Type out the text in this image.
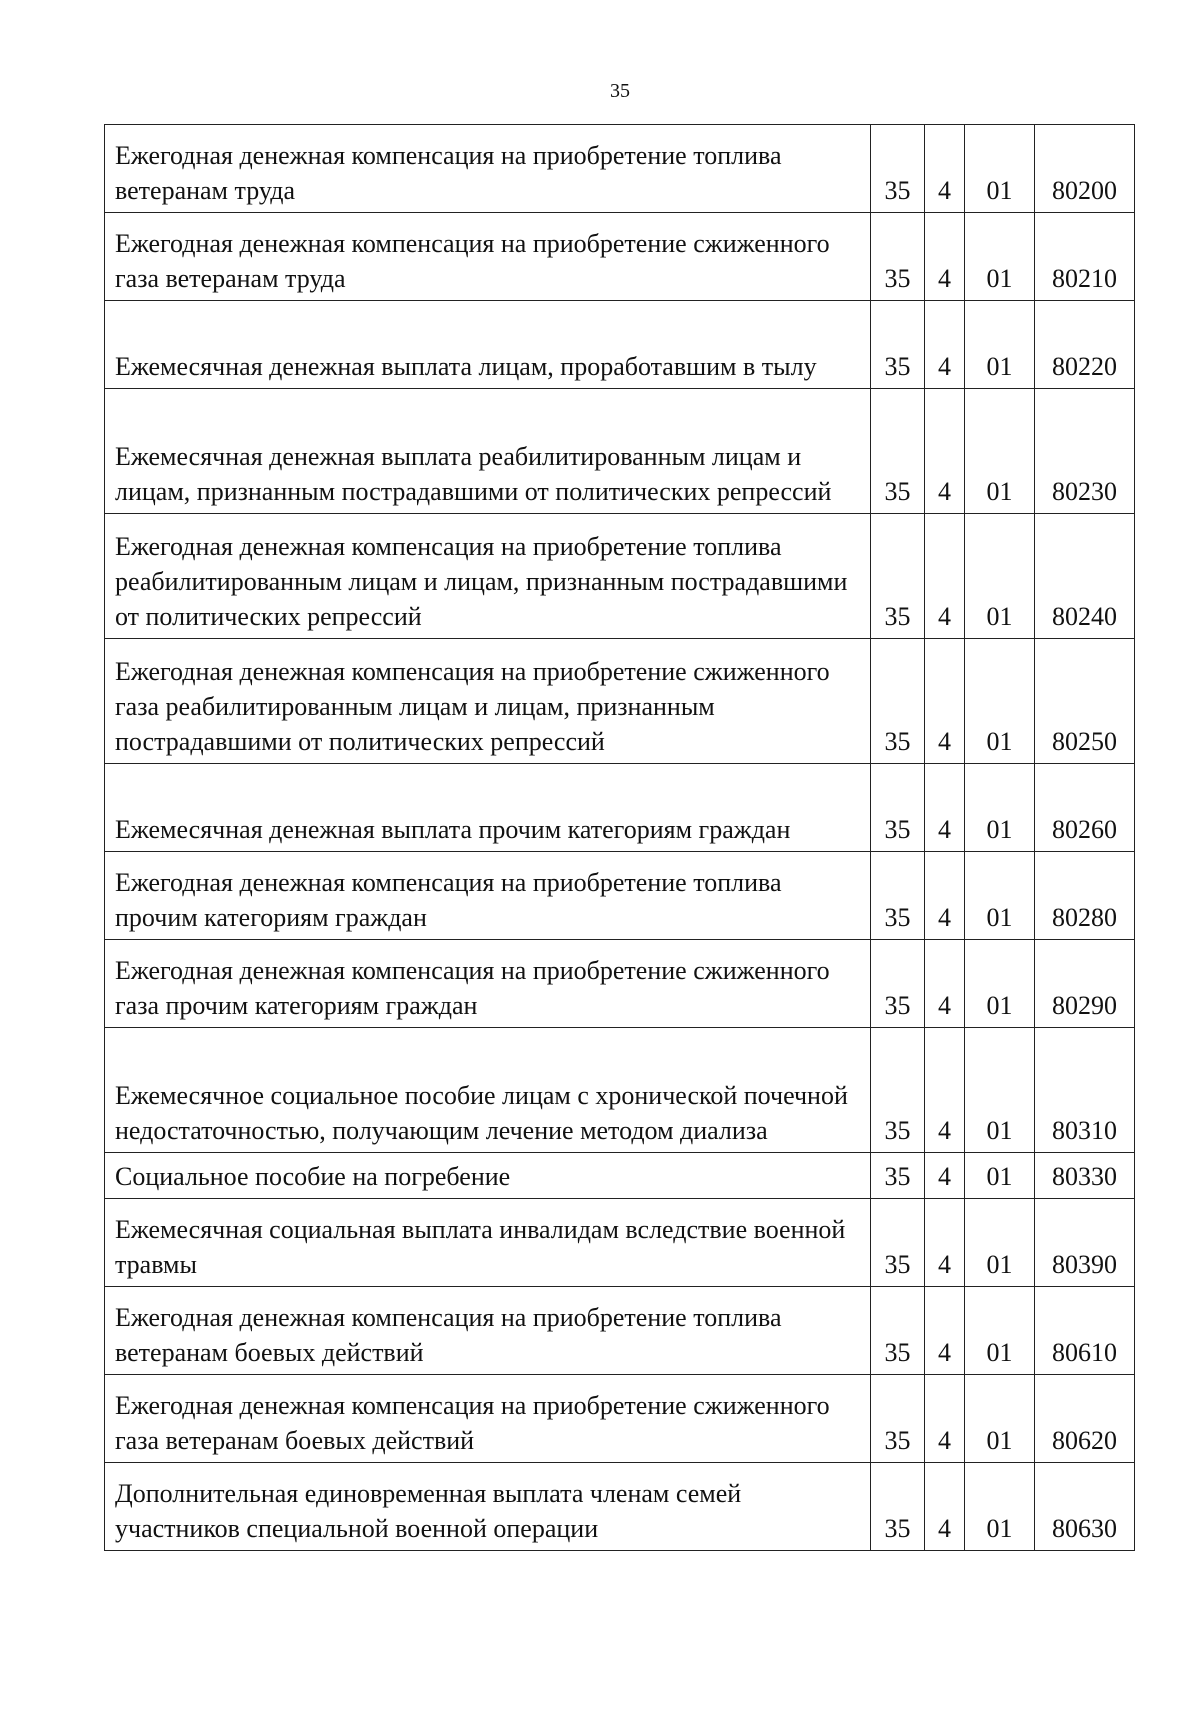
35
Ежегодная денежная компенсация на приобретение топлива ветеранам труда	35	4	01	80200
Ежегодная денежная компенсация на приобретение сжиженного газа ветеранам труда	35	4	01	80210
Ежемесячная денежная выплата лицам, проработавшим в тылу	35	4	01	80220
Ежемесячная денежная выплата реабилитированным лицам и лицам, признанным пострадавшими от политических репрессий	35	4	01	80230
Ежегодная денежная компенсация на приобретение топлива реабилитированным лицам и лицам, признанным пострадавшими от политических репрессий	35	4	01	80240
Ежегодная денежная компенсация на приобретение сжиженного газа реабилитированным лицам и лицам, признанным пострадавшими от политических репрессий	35	4	01	80250
Ежемесячная денежная выплата прочим категориям граждан	35	4	01	80260
Ежегодная денежная компенсация на приобретение топлива прочим категориям граждан	35	4	01	80280
Ежегодная денежная компенсация на приобретение сжиженного газа прочим категориям граждан	35	4	01	80290
Ежемесячное социальное пособие лицам с хронической почечной недостаточностью, получающим лечение методом диализа	35	4	01	80310
Социальное пособие на погребение	35	4	01	80330
Ежемесячная социальная выплата инвалидам вследствие военной травмы	35	4	01	80390
Ежегодная денежная компенсация на приобретение топлива ветеранам боевых действий	35	4	01	80610
Ежегодная денежная компенсация на приобретение сжиженного газа ветеранам боевых действий	35	4	01	80620
Дополнительная единовременная выплата членам семей участников специальной военной операции	35	4	01	80630
